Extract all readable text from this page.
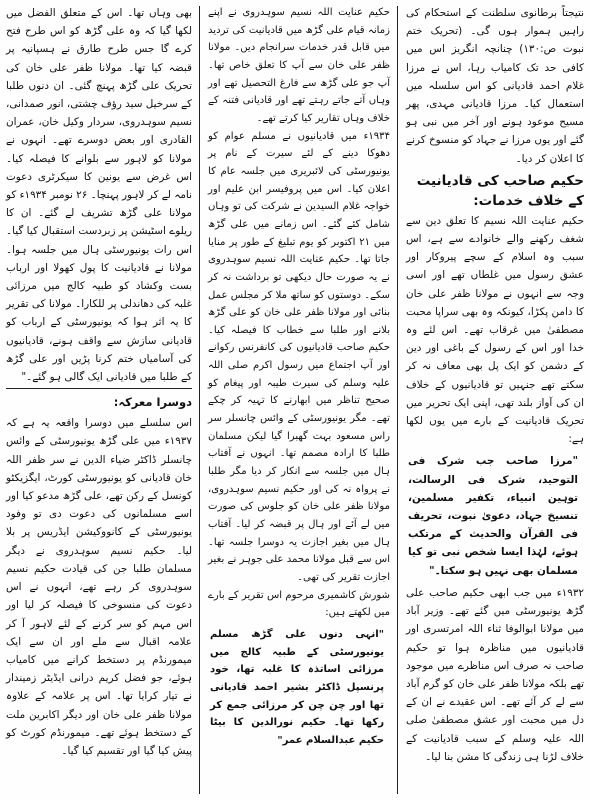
نتیجتاً برطانوی سلطنت کے استحکام کی راہیں ہموار ہوں گی۔ (تحریک ختم نبوت ص:۱۳۰) چنانچہ انگریز اس میں کافی حد تک کامیاب رہا، اس نے مرزا غلام احمد قادیانی کو اس سلسلہ میں استعمال کیا۔ مرزا قادیانی مہدی، پھر مسیح موعود ہونے اور آخر میں نبی ہو گئے اور یوں مرزا نے جہاد کو منسوخ کرنے کا اعلان کر دیا۔

حکیم صاحب کی قادیانیت کے خلاف خدمات:

حکیم عنایت اللہ نسیم کا تعلق دین سے شغف رکھنے والے خانوادے سے ہے، اس سبب وہ اسلام کے سچے پیروکار اور عشق رسول میں غلطاں تھے اور اسی وجہ سے انہوں نے مولانا ظفر علی خان کا دامن پکڑا، کیونکہ وہ بھی سراپا محبت مصطفیٰ میں غرقاب تھے۔ اس لئے وہ خدا اور اس کے رسول کے باغی اور دین کے دشمن کو ایک پل بھی معاف نہ کر سکتے تھے جنہیں تو قادیانیوں کے خلاف ان کی آواز بلند تھی، اپنی ایک تحریر میں تحریک قادیانیت کے بارے میں یوں لکھا ہے:

"مرزا صاحب جب شرک فی التوحید، شرک فی الرسالت، توہین انبیاء، تکفیر مسلمین، تنسیخ جہاد، دعویٰ نبوت، تحریف فی القرآن والحدیث کے مرتکب ہوئے، لہٰذا ایسا شخص نبی تو کیا مسلمان بھی نہیں ہو سکتا۔"

۱۹۳۲ء میں جب ابھی حکیم صاحب علی گڑھ یونیورسٹی میں گئے تھے۔ وزیر آباد میں مولانا ابوالوفا ثناء اللہ امرتسری اور قادیانیوں میں مناظرہ ہوا تو حکیم صاحب نہ صرف اس مناظرے میں موجود تھے بلکہ مولانا ظفر علی خان کو گرم آباد سے لے کر آئے تھے۔ اس عقیدے نے ان کے دل میں محبت اور عشق مصطفیٰ صلی اللہ علیہ وسلم کے سبب قادیانیت کے خلاف لڑنا ہی زندگی کا مشن بنا لیا۔

حکیم عنایت اللہ نسیم سوہدروی نے اپنے زمانہ قیام علی گڑھ میں قادیانیت کی تردید میں قابل قدر خدمات سرانجام دیں۔ مولانا ظفر علی خان سے آپ کا تعلق خاص تھا۔ آپ جو علی گڑھ سے فارغ التحصیل تھے اور وہاں آتے جاتے رہتے تھے اور قادیانی فتنہ کے خلاف وہاں تقاریر کیا کرتے تھے۔

۱۹۳۴ء میں قادیانیوں نے مسلم عوام کو دھوکا دینے کے لئے سیرت کے نام پر یونیورسٹی کی لائبریری میں جلسہ عام کا اعلان کیا۔ اس میں پروفیسر ابن علیم اور خواجہ غلام السیدین نے شرکت کی تو وہاں شامل کئے گئے۔ اس زمانے میں علی گڑھ میں ۲۱ اکتوبر کو یوم تبلیغ کے طور پر منایا جاتا تھا۔ حکیم عنایت اللہ نسیم سوہدروی نے یہ صورت حال دیکھی تو برداشت نہ کر سکے۔ دوستوں کو ساتھ ملا کر مجلس عمل بنائی اور مولانا ظفر علی خان کو علی گڑھ بلانے اور طلبا سے خطاب کا فیصلہ کیا۔ حکیم صاحب قادیانیوں کی کانفرنس رکوانے اور آپ اجتماع میں رسول اکرم صلی اللہ علیہ وسلم کی سیرت طیبہ اور پیغام کو صحیح تناظر میں ابھارنے کا تہیہ کر چکے تھے۔ مگر یونیورسٹی کے وائس چانسلر سر راس مسعود بہت گھبرا گیا لیکن مسلمان طلبا کا ارادہ مصمم تھا۔ انہوں نے آفتاب ہال میں جلسہ سے انکار کر دیا مگر طلبا نے پرواہ نہ کی اور حکیم نسیم سوہدروی، مولانا ظفر علی خان کو جلوس کی صورت میں لے آئے اور ہال پر قبضہ کر لیا۔ آفتاب ہال میں بغیر اجازت یہ دوسرا جلسہ تھا۔ اس سے قبل مولانا محمد علی جوہر نے بغیر اجازت تقریر کی تھی۔

شورش کاشمیری مرحوم اس تقریر کے بارے میں لکھتے ہیں:

"انہی دنوں علی گڑھ مسلم یونیورسٹی کے طبیہ کالج میں مرزائی اساتذہ کا غلبہ تھا، خود پرنسپل ڈاکٹر بشیر احمد قادیانی تھا اور چن چن کر مرزائی جمع کر رکھا تھا۔ حکیم نورالدین کا بیٹا حکیم عبدالسلام عمر"

بھی وہاں تھا۔ اس کے متعلق الفضل میں لکھا گیا کہ وہ علی گڑھ کو اس طرح فتح کرے گا جس طرح طارق نے ہسپانیہ پر قبضہ کیا تھا۔ مولانا ظفر علی خان کی تحریک علی گڑھ پہنچ گئی۔ ان دنوں طلبا کے سرخیل سید رؤف چشتی، انور صمدانی، نسیم سوہدروی، سردار وکیل خان، عمران القادری اور بعض دوسرے تھے۔ انہوں نے مولانا کو لاہور سے بلوانے کا فیصلہ کیا۔ اس غرض سے یونین کا سیکرٹری دعوت نامہ لے کر لاہور پہنچا۔ ۲۶ نومبر ۱۹۳۴ء کو مولانا علی گڑھ تشریف لے گئے۔ ان کا ریلوے اسٹیشن پر زبردست استقبال کیا گیا۔ اس رات یونیورسٹی ہال میں جلسہ ہوا۔ مولانا نے قادیانیت کا پول کھولا اور ارباب بست وکشاد کو طبیہ کالج میں مرزائی غلبہ کی دھاندلی پر للکارا۔ مولانا کی تقریر کا یہ اثر ہوا کہ یونیورسٹی کے ارباب کو قادیانی سازش سے واقف ہونے، قادیانیوں کی آسامیاں ختم کرنا پڑیں اور علی گڑھ کے طلبا میں قادیانی ایک گالی ہو گئے۔"

دوسرا معرکہ:

اس سلسلے میں دوسرا واقعہ یہ ہے کہ ۱۹۳۷ء میں علی گڑھ یونیورسٹی کے وائس چانسلر ڈاکٹر ضیاء الدین نے سر ظفر اللہ خان قادیانی کو یونیورسٹی کورٹ، ایگزیکٹو کونسل کے رکن تھے، علی گڑھ مدعو کیا اور اسے مسلمانوں کی دعوت دی تو وفود یونیورسٹی کے کانووکیشن ایڈریس پر بلا لیا۔ حکیم نسیم سوہدروی نے دیگر مسلمان طلبا جن کی قیادت حکیم نسیم سوہدروی کر رہے تھے، انہوں نے اس دعوت کی منسوخی کا فیصلہ کر لیا اور اس مہم کو سر کرنے کے لئے لاہور آ کر علامہ اقبال سے ملے اور ان سے ایک میمورنڈم پر دستخط کرانے میں کامیاب ہوئے، جو فضل کریم درانی ایڈیٹر زمیندار نے تیار کرایا تھا۔ اس پر علامہ کے علاوہ مولانا ظفر علی خان اور دیگر اکابرین ملت کے دستخط ہوئے تھے۔ میمورنڈم کورٹ کو پیش کیا گیا اور تقسیم کیا گیا۔
